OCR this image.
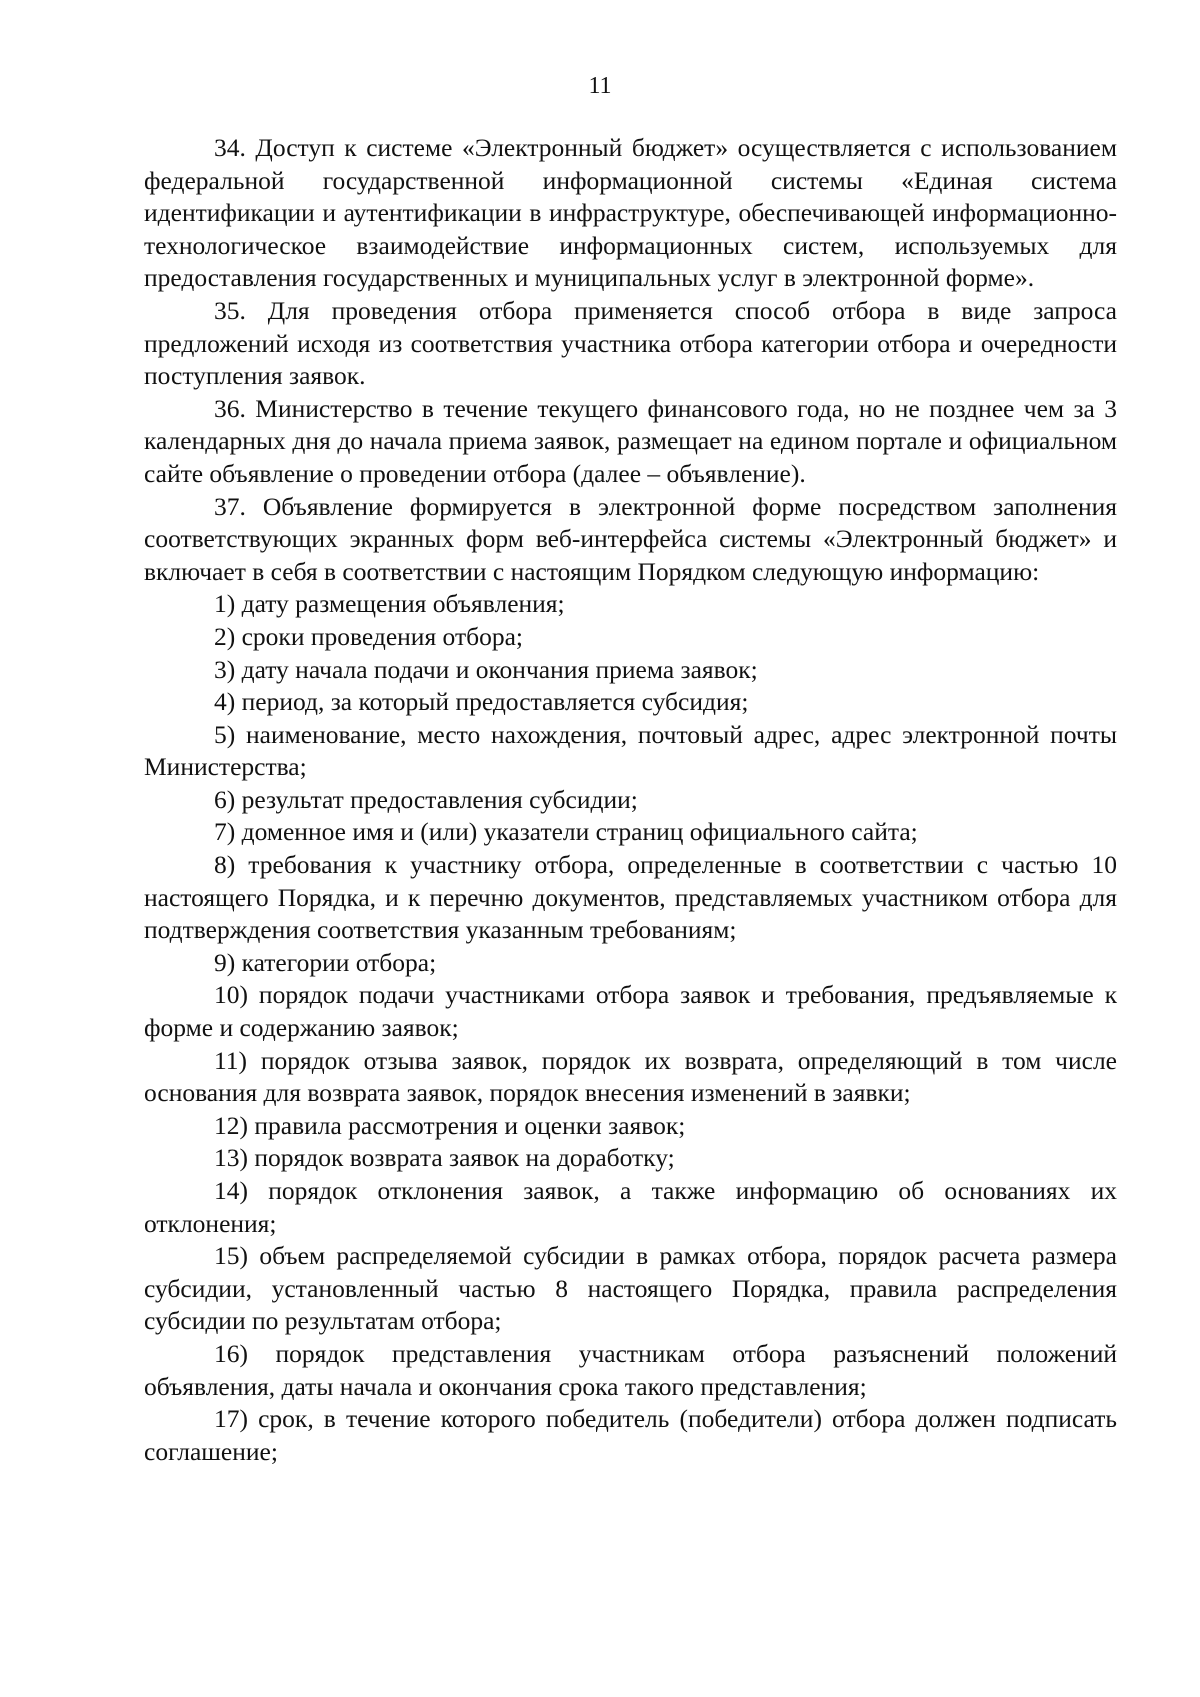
11

34. Доступ к системе «Электронный бюджет» осуществляется с использованием федеральной государственной информационной системы «Единая система идентификации и аутентификации в инфраструктуре, обеспечивающей информационно-технологическое взаимодействие информационных систем, используемых для предоставления государственных и муниципальных услуг в электронной форме».

35. Для проведения отбора применяется способ отбора в виде запроса предложений исходя из соответствия участника отбора категории отбора и очередности поступления заявок.

36. Министерство в течение текущего финансового года, но не позднее чем за 3 календарных дня до начала приема заявок, размещает на едином портале и официальном сайте объявление о проведении отбора (далее – объявление).

37. Объявление формируется в электронной форме посредством заполнения соответствующих экранных форм веб-интерфейса системы «Электронный бюджет» и включает в себя в соответствии с настоящим Порядком следующую информацию:

1) дату размещения объявления;

2) сроки проведения отбора;

3) дату начала подачи и окончания приема заявок;

4) период, за который предоставляется субсидия;

5) наименование, место нахождения, почтовый адрес, адрес электронной почты Министерства;

6) результат предоставления субсидии;

7) доменное имя и (или) указатели страниц официального сайта;

8) требования к участнику отбора, определенные в соответствии с частью 10 настоящего Порядка, и к перечню документов, представляемых участником отбора для подтверждения соответствия указанным требованиям;

9) категории отбора;

10) порядок подачи участниками отбора заявок и требования, предъявляемые к форме и содержанию заявок;

11) порядок отзыва заявок, порядок их возврата, определяющий в том числе основания для возврата заявок, порядок внесения изменений в заявки;

12) правила рассмотрения и оценки заявок;

13) порядок возврата заявок на доработку;

14) порядок отклонения заявок, а также информацию об основаниях их отклонения;

15) объем распределяемой субсидии в рамках отбора, порядок расчета размера субсидии, установленный частью 8 настоящего Порядка, правила распределения субсидии по результатам отбора;

16) порядок представления участникам отбора разъяснений положений объявления, даты начала и окончания срока такого представления;

17) срок, в течение которого победитель (победители) отбора должен подписать соглашение;
